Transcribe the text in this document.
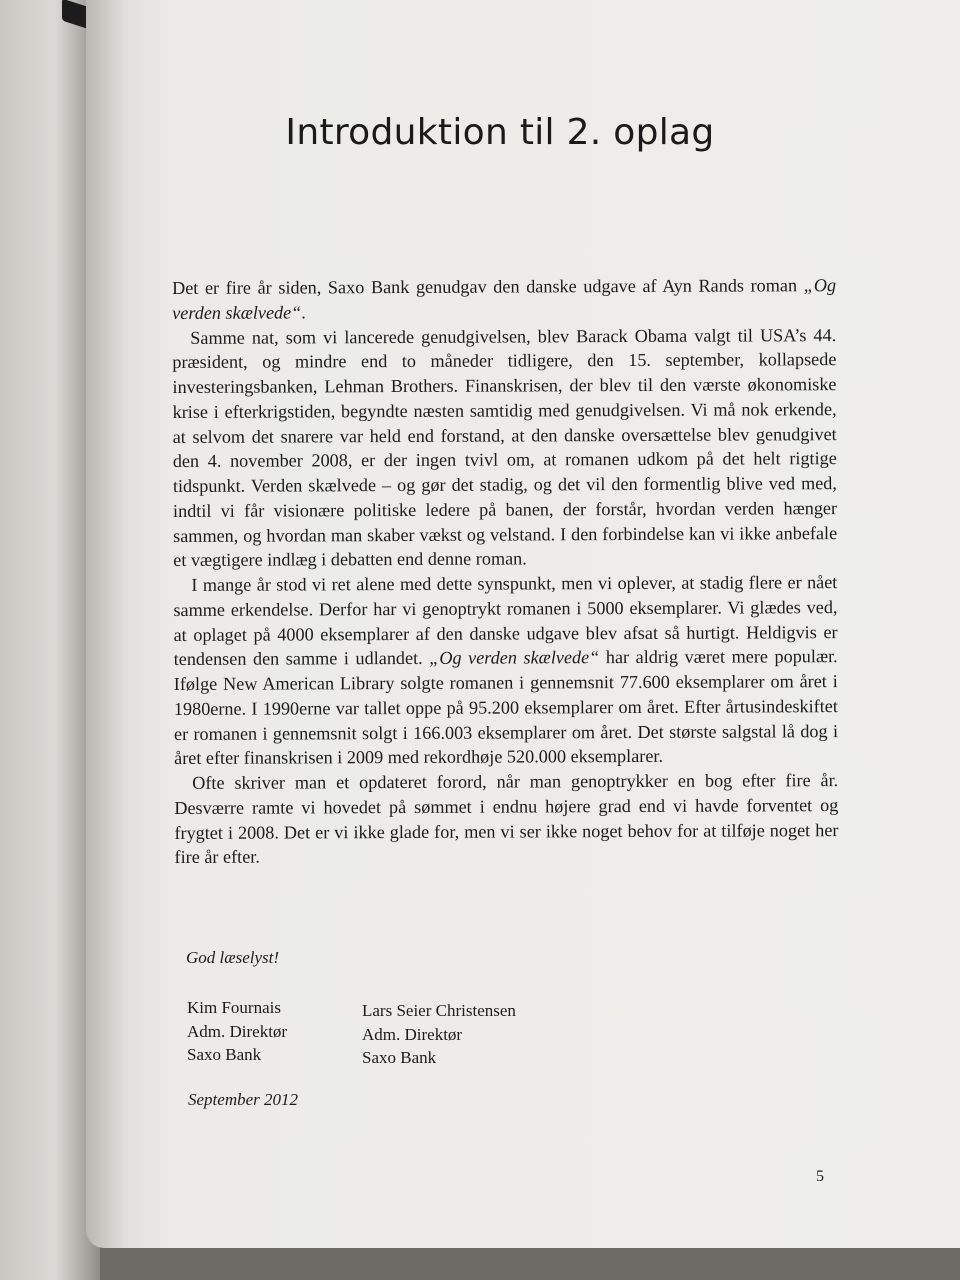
Introduktion til 2. oplag

Det er fire år siden, Saxo Bank genudgav den danske udgave af Ayn Rands roman „Og verden skælvede“.

Samme nat, som vi lancerede genudgivelsen, blev Barack Obama valgt til USA’s 44. præsident, og mindre end to måneder tidligere, den 15. september, kollapsede investeringsbanken, Lehman Brothers. Finanskrisen, der blev til den værste økonomiske krise i efterkrigstiden, begyndte næsten samtidig med genudgivelsen. Vi må nok erkende, at selvom det snarere var held end forstand, at den danske oversættelse blev genudgivet den 4. november 2008, er der ingen tvivl om, at romanen udkom på det helt rigtige tidspunkt. Verden skælvede – og gør det stadig, og det vil den formentlig blive ved med, indtil vi får visionære politiske ledere på banen, der forstår, hvordan verden hænger sammen, og hvordan man skaber vækst og velstand. I den forbindelse kan vi ikke anbefale et vægtigere indlæg i debatten end denne roman.

I mange år stod vi ret alene med dette synspunkt, men vi oplever, at stadig flere er nået samme erkendelse. Derfor har vi genoptrykt romanen i 5000 eksemplarer. Vi glædes ved, at oplaget på 4000 eksemplarer af den danske udgave blev afsat så hurtigt. Heldigvis er tendensen den samme i udlandet. „Og verden skælvede“ har aldrig været mere populær. Ifølge New American Library solgte romanen i gennemsnit 77.600 eksemplarer om året i 1980erne. I 1990erne var tallet oppe på 95.200 eksemplarer om året. Efter årtusindeskiftet er romanen i gennemsnit solgt i 166.003 eksemplarer om året. Det største salgstal lå dog i året efter finanskrisen i 2009 med rekordhøje 520.000 eksemplarer.

Ofte skriver man et opdateret forord, når man genoptrykker en bog efter fire år. Desværre ramte vi hovedet på sømmet i endnu højere grad end vi havde forventet og frygtet i 2008. Det er vi ikke glade for, men vi ser ikke noget behov for at tilføje noget her fire år efter.

God læselyst!
Kim Fournais
Adm. Direktør
Saxo Bank
Lars Seier Christensen
Adm. Direktør
Saxo Bank
September 2012
5
